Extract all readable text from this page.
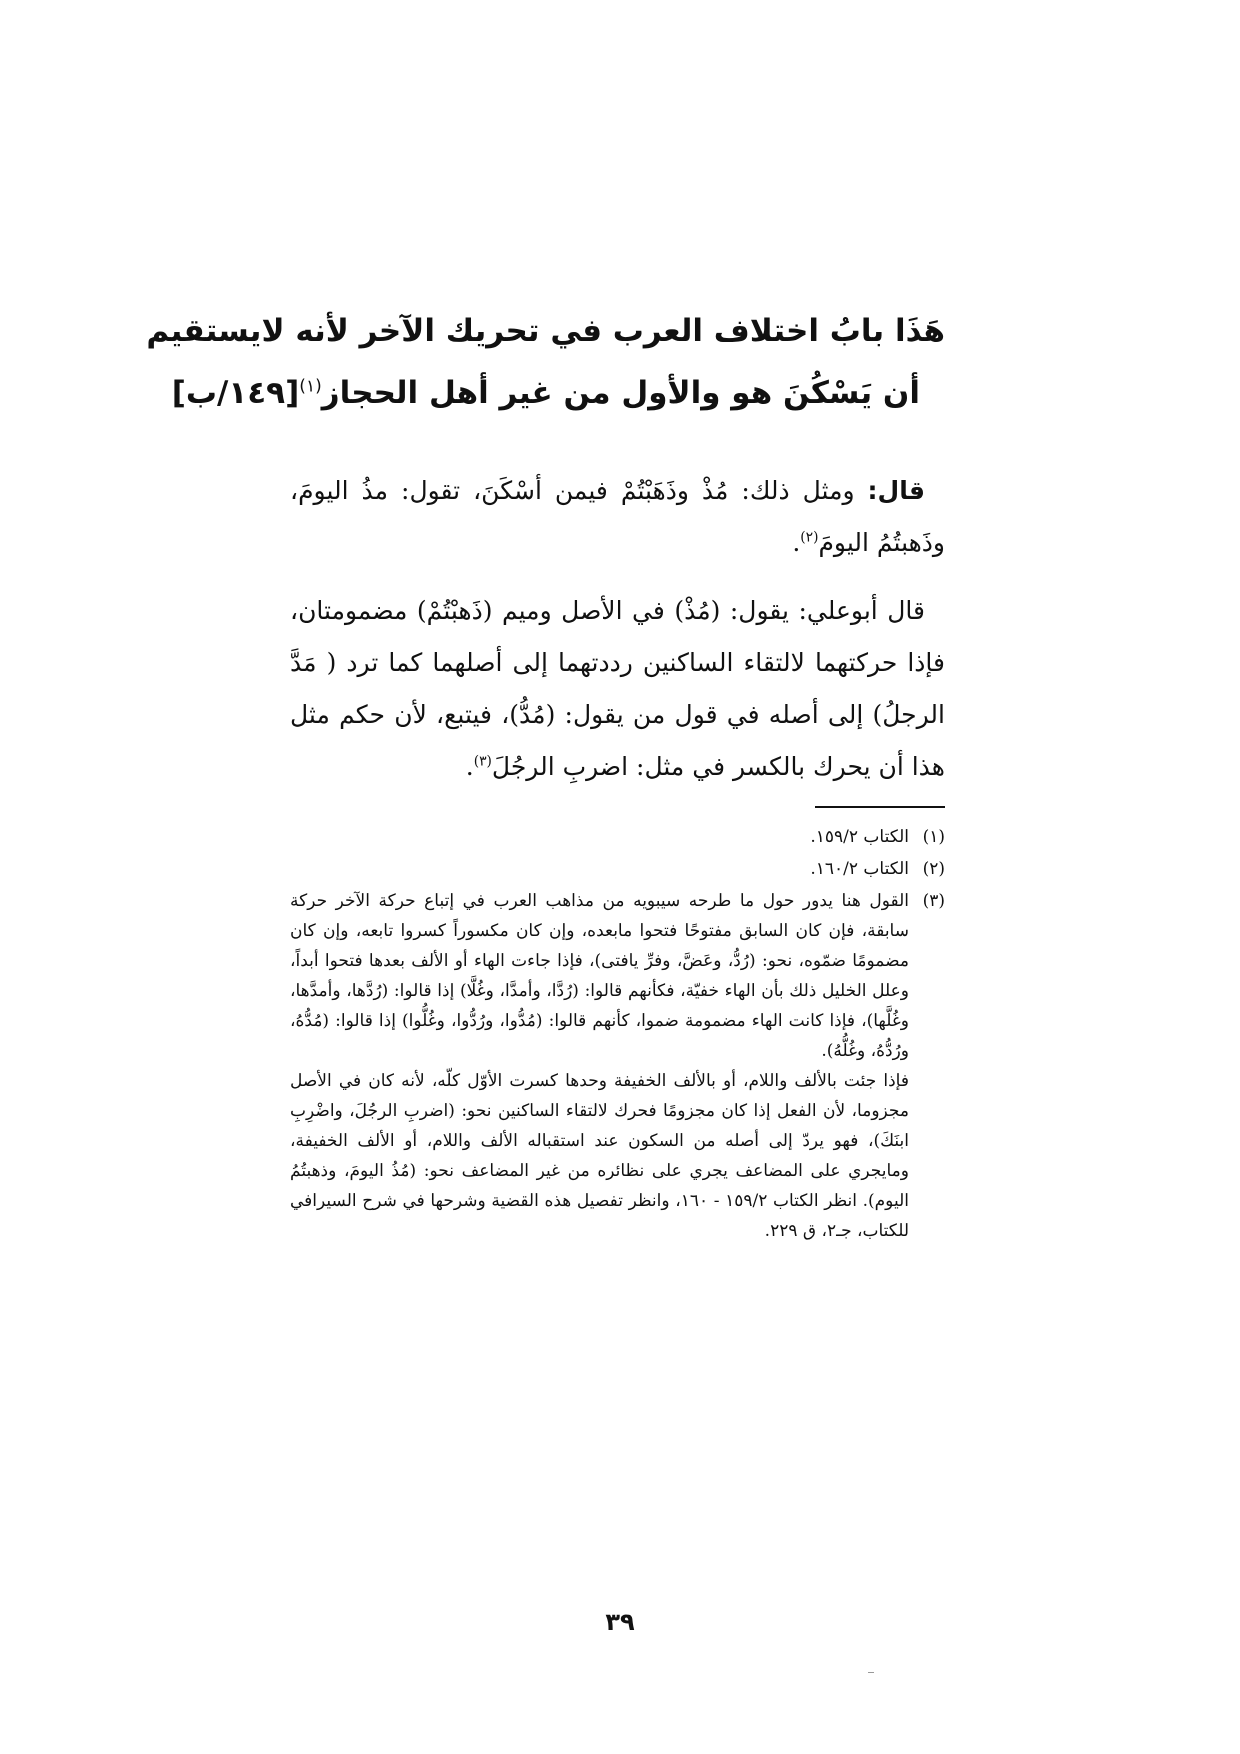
هَذَا بابُ اختلاف العرب في تحريك الآخر لأنه لايستقيم
أن يَسْكُنَ هو والأول من غير أهل الحجاز$^{(١)}$[١٤٩/ب]

قال: ومثل ذلك: مُذْ وذَهَبْتُمْ فيمن أسْكَنَ، تقول: مذُ اليومَ، وذَهبتُمُ اليومَ$^{(٢)}$.

قال أبوعلي: يقول: (مُذْ) في الأصل وميم (ذَهبْتُمْ) مضمومتان، فإذا حركتهما لالتقاء الساكنين رددتهما إلى أصلهما كما ترد ( مَدَّ الرجلُ) إلى أصله في قول من يقول: (مُدُّ)، فيتبع، لأن حكم مثل هذا أن يحرك بالكسر في مثل: اضربِ الرجُلَ$^{(٣)}$.

(١)

الكتاب ١٥٩/٢.

(٢)

الكتاب ١٦٠/٢.

(٣)

القول هنا يدور حول ما طرحه سيبويه من مذاهب العرب في إتباع حركة الآخر حركة سابقة، فإن كان السابق مفتوحًا فتحوا مابعده، وإن كان مكسوراً كسروا تابعه، وإن كان مضمومًا ضمّوه، نحو: (رُدُّ، وعَضَّ، وفرِّ يافتى)، فإذا جاءت الهاء أو الألف بعدها فتحوا أبداً، وعلل الخليل ذلك بأن الهاء خفيّة، فكأنهم قالوا: (رُدَّا، وأمدَّا، وغُلَّا) إذا قالوا: (رُدَّها، وأمدَّها، وغُلَّها)، فإذا كانت الهاء مضمومة ضموا، كأنهم قالوا: (مُدُّوا، ورُدُّوا، وغُلُّوا) إذا قالوا: (مُدُّهُ، ورُدُّهُ، وغُلُّهُ).

فإذا جئت بالألف واللام، أو بالألف الخفيفة وحدها كسرت الأوّل كلّه، لأنه كان في الأصل مجزوما، لأن الفعل إذا كان مجزومًا فحرك لالتقاء الساكنين نحو: (اضربِ الرجُلَ، واضْرِبِ ابنَكَ)، فهو يردّ إلى أصله من السكون عند استقباله الألف واللام، أو الألف الخفيفة، ومايجري على المضاعف يجري على نظائره من غير المضاعف نحو: (مُذُ اليومَ، وذهبتُمُ اليوم). انظر الكتاب ١٥٩/٢ - ١٦٠، وانظر تفصيل هذه القضية وشرحها في شرح السيرافي للكتاب، جـ٢، ق ٢٢٩.

٣٩
